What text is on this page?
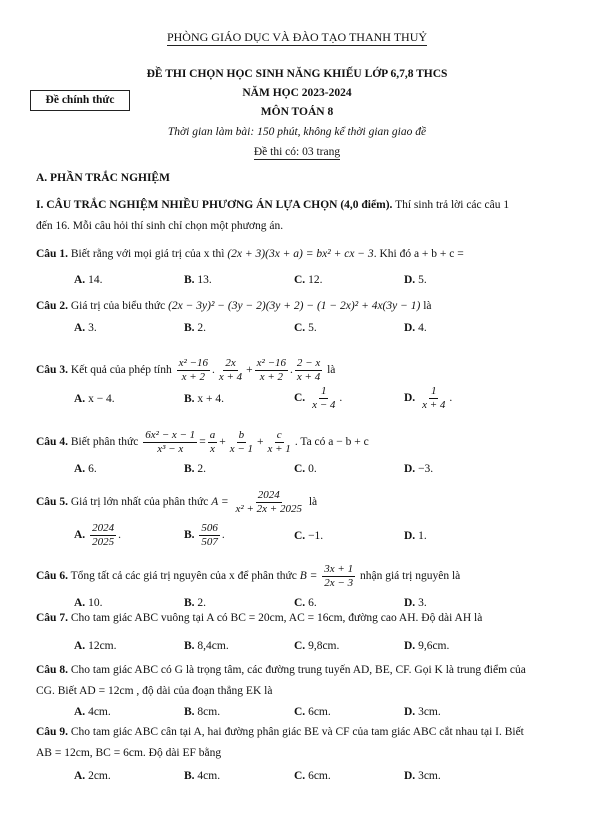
PHÒNG GIÁO DỤC VÀ ĐÀO TẠO THANH THUỶ
ĐỀ THI CHỌN HỌC SINH NĂNG KHIẾU LỚP 6,7,8 THCS
NĂM HỌC 2023-2024
Đề chính thức
MÔN TOÁN 8
Thời gian làm bài: 150 phút, không kể thời gian giao đề
Đề thi có: 03 trang
A. PHẦN TRẮC NGHIỆM
I. CÂU TRẮC NGHIỆM NHIỀU PHƯƠNG ÁN LỰA CHỌN (4,0 điểm). Thí sinh trả lời các câu 1
đến 16. Mỗi câu hỏi thí sinh chỉ chọn một phương án.
Câu 1. Biết rằng với mọi giá trị của x thì (2x + 3)(3x + a) = bx² + cx − 3. Khi đó a + b + c =
A. 14.	B. 13.	C. 12.	D. 5.
Câu 2. Giá trị của biểu thức (2x − 3y)² − (3y − 2)(3y + 2) − (1 − 2x)² + 4x(3y − 1) là
A. 3.	B. 2.	C. 5.	D. 4.
Câu 3. Kết quả của phép tính $\frac{\text{x² −16}}{x + 2}$ . $\frac{2x}{x + 4} + \frac{\text{x² −16}}{x + 2}$ . $\frac{2 - x}{x + 4}$ là
A. x − 4.	B. x + 4.	C. $\frac{1}{x - 4}$ .	D. $\frac{1}{x + 4}$ .
Câu 4. Biết phân thức $\frac{\text{6x² − x − 1}}{\text{x³ − x}} = \frac{a}{x} + \frac{b}{x - 1} + \frac{c}{x + 1}$ . Ta có a − b + c
A. 6.	B. 2.	C. 0.	D. −3.
Câu 5. Giá trị lớn nhất của phân thức $A = \frac{2024}{\text{x² + 2x + 2025}}$ là
A. $\frac{2024}{2025}$ .	B. $\frac{506}{507}$ .	C. −1.	D. 1.
Câu 6. Tổng tất cả các giá trị nguyên của x để phân thức $B = \frac{3x + 1}{2x - 3}$ nhận giá trị nguyên là
A. 10.	B. 2.	C. 6.	D. 3.
Câu 7. Cho tam giác ABC vuông tại A có BC = 20cm, AC = 16cm, đường cao AH. Độ dài AH là
A. 12cm.	B. 8,4cm.	C. 9,8cm.	D. 9,6cm.
Câu 8. Cho tam giác ABC có G là trọng tâm, các đường trung tuyến AD, BE, CF. Gọi K là trung điểm của
CG. Biết AD = 12cm , độ dài của đoạn thẳng EK là
A. 4cm.	B. 8cm.	C. 6cm.	D. 3cm.
Câu 9. Cho tam giác ABC cân tại A, hai đường phân giác BE và CF của tam giác ABC cắt nhau tại I. Biết
AB = 12cm, BC = 6cm. Độ dài EF bằng
A. 2cm.	B. 4cm.	C. 6cm.	D. 3cm.
